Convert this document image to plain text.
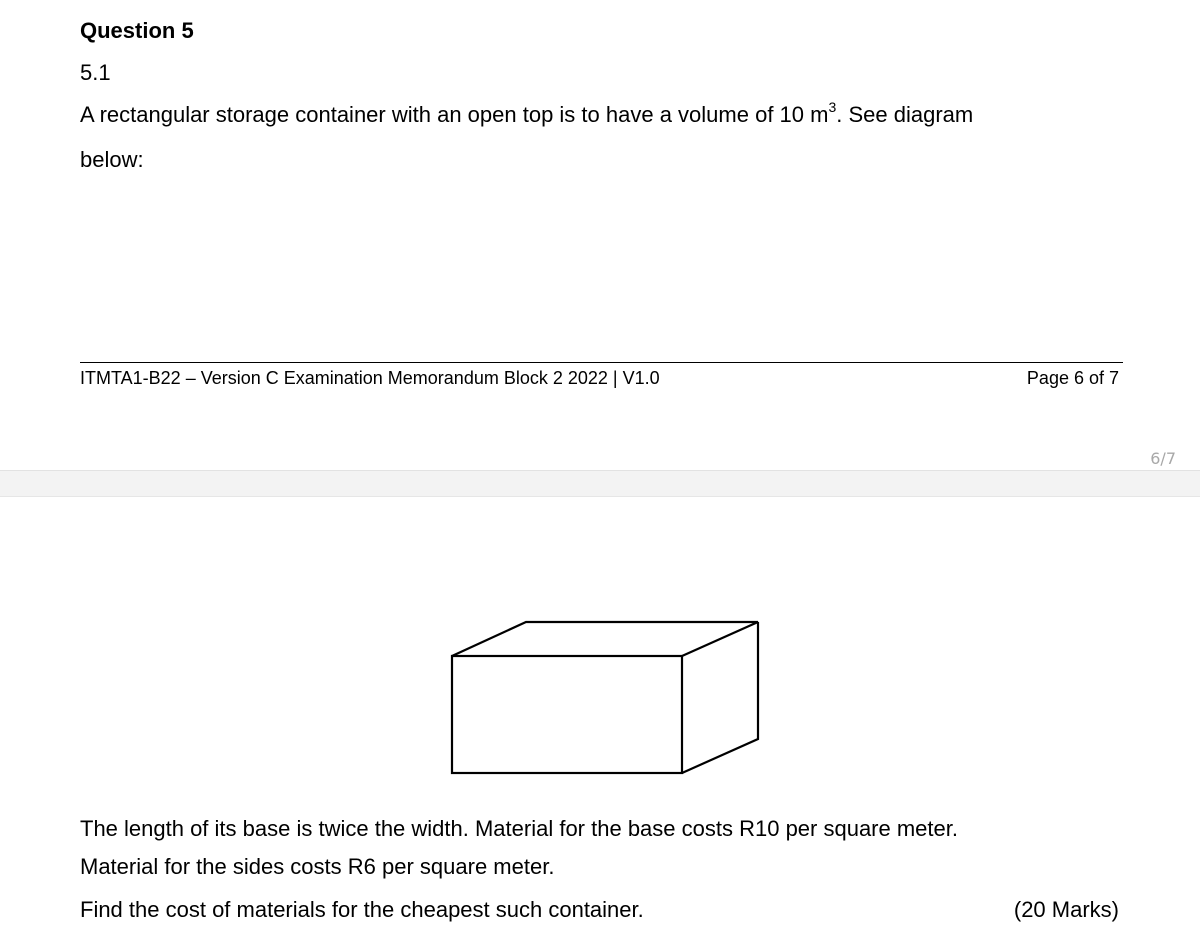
Question 5
5.1
A rectangular storage container with an open top is to have a volume of 10 $m^3$. See diagram
below:
ITMTA1-B22 – Version C Examination Memorandum Block 2 2022 | V1.0	Page 6 of 7
6/7
The length of its base is twice the width. Material for the base costs R10 per square meter.
Material for the sides costs R6 per square meter.
Find the cost of materials for the cheapest such container.	(20 Marks)
